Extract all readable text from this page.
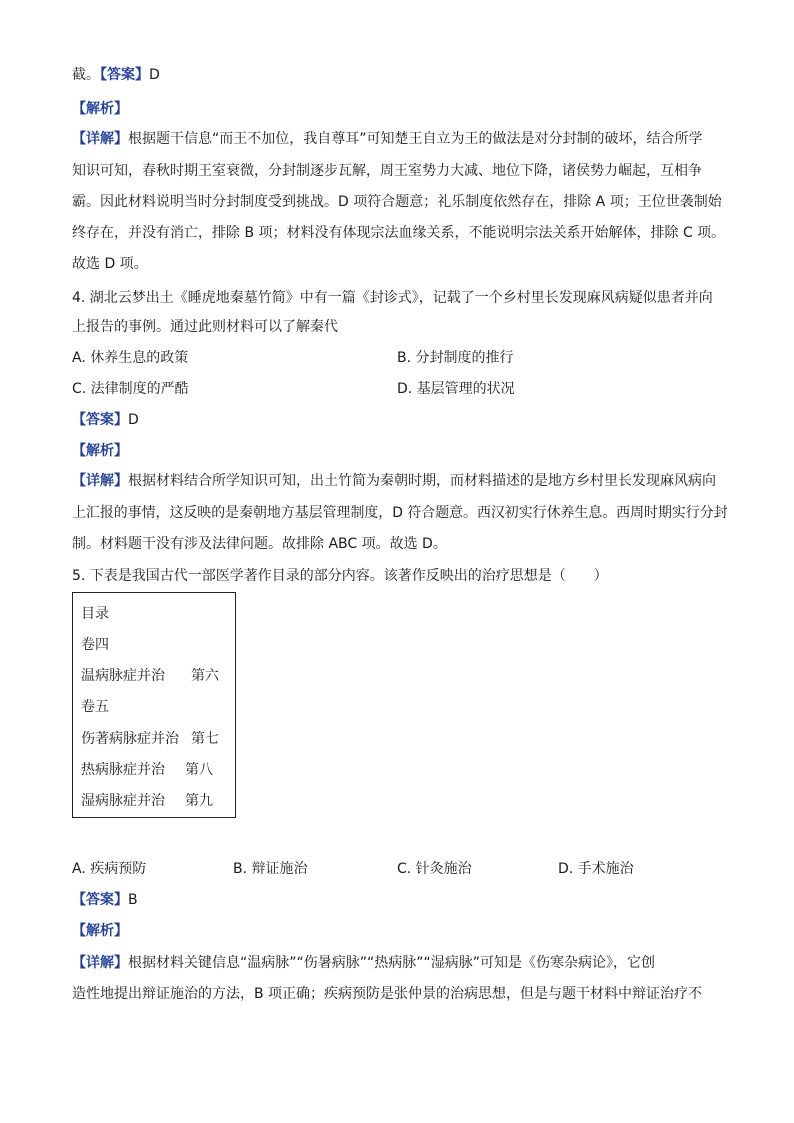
截。【答案】D
【解析】
【详解】根据题干信息“而王不加位，我自尊耳”可知楚王自立为王的做法是对分封制的破坏，结合所学
知识可知，春秋时期王室衰微，分封制逐步瓦解，周王室势力大减、地位下降，诸侯势力崛起，互相争
霸。因此材料说明当时分封制度受到挑战。D 项符合题意；礼乐制度依然存在，排除 A 项；王位世袭制始
终存在，并没有消亡，排除 B 项；材料没有体现宗法血缘关系，不能说明宗法关系开始解体，排除 C 项。
故选 D 项。
4. 湖北云梦出土《睡虎地秦墓竹简》中有一篇《封诊式》，记载了一个乡村里长发现麻风病疑似患者并向
上报告的事例。通过此则材料可以了解秦代
A. 休养生息的政策	B. 分封制度的推行
C. 法律制度的严酷	D. 基层管理的状况
【答案】D
【解析】
【详解】根据材料结合所学知识可知，出土竹简为秦朝时期，而材料描述的是地方乡村里长发现麻风病向
上汇报的事情，这反映的是秦朝地方基层管理制度，D 符合题意。西汉初实行休养生息。西周时期实行分封
制。材料题干没有涉及法律问题。故排除 ABC 项。故选 D。
5. 下表是我国古代一部医学著作目录的部分内容。该著作反映出的治疗思想是（　　）
目录
卷四
温病脉症并治 第六
卷五
伤著病脉症并治 第七
热病脉症并治 第八
湿病脉症并治 第九
A. 疾病预防	B. 辩证施治	C. 针灸施治	D. 手术施治
【答案】B
【解析】
【详解】根据材料关键信息“温病脉”“伤暑病脉”“热病脉”“湿病脉”可知是《伤寒杂病论》，它创
造性地提出辩证施治的方法，B 项正确；疾病预防是张仲景的治病思想，但是与题干材料中辩证治疗不
